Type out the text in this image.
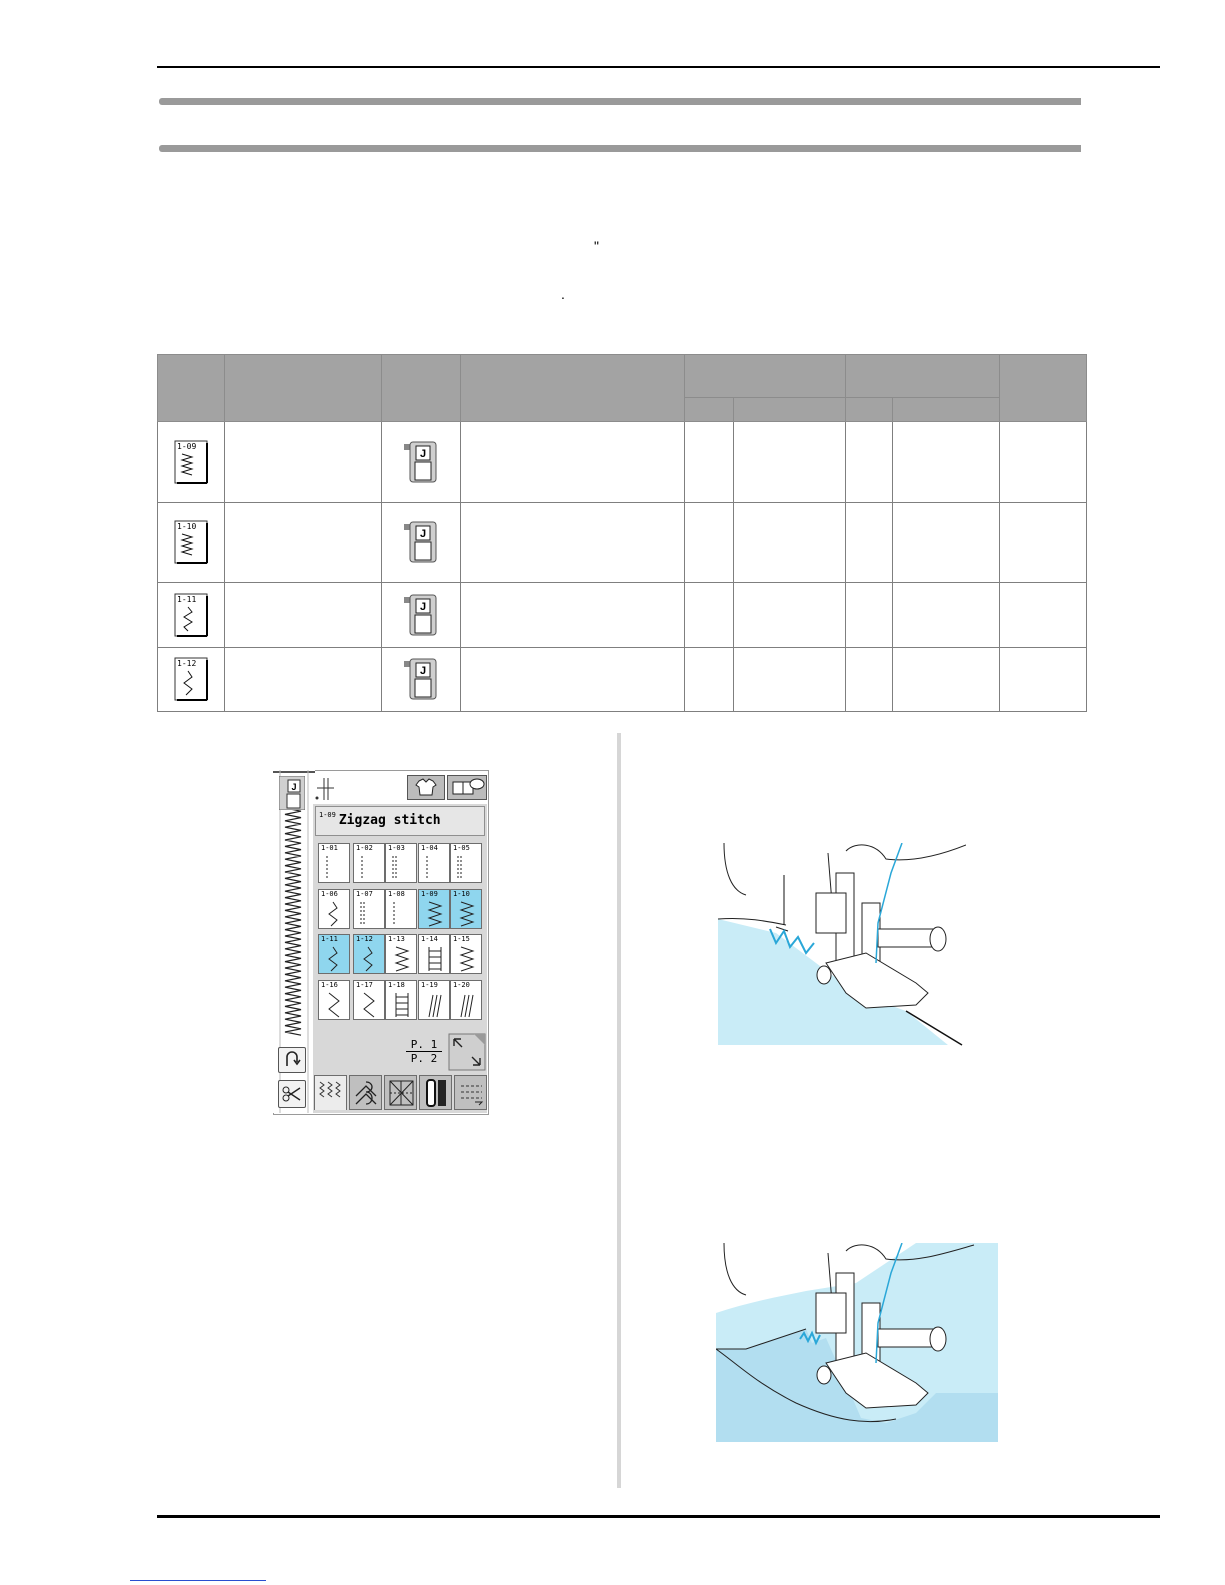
"
.

1-09		J						

1-10		J						

1-11		J						

1-12		J						

J
$^{1-09}$ Zigzag stitch
1-01	1-02 1-03 1-04 1-05
1-06	1-07 1-08 1-09 1-10
1-11	1-12 1-13 1-14 1-15
1-16	1-17 1-18 1-19 1-20
P. 1
P. 2
